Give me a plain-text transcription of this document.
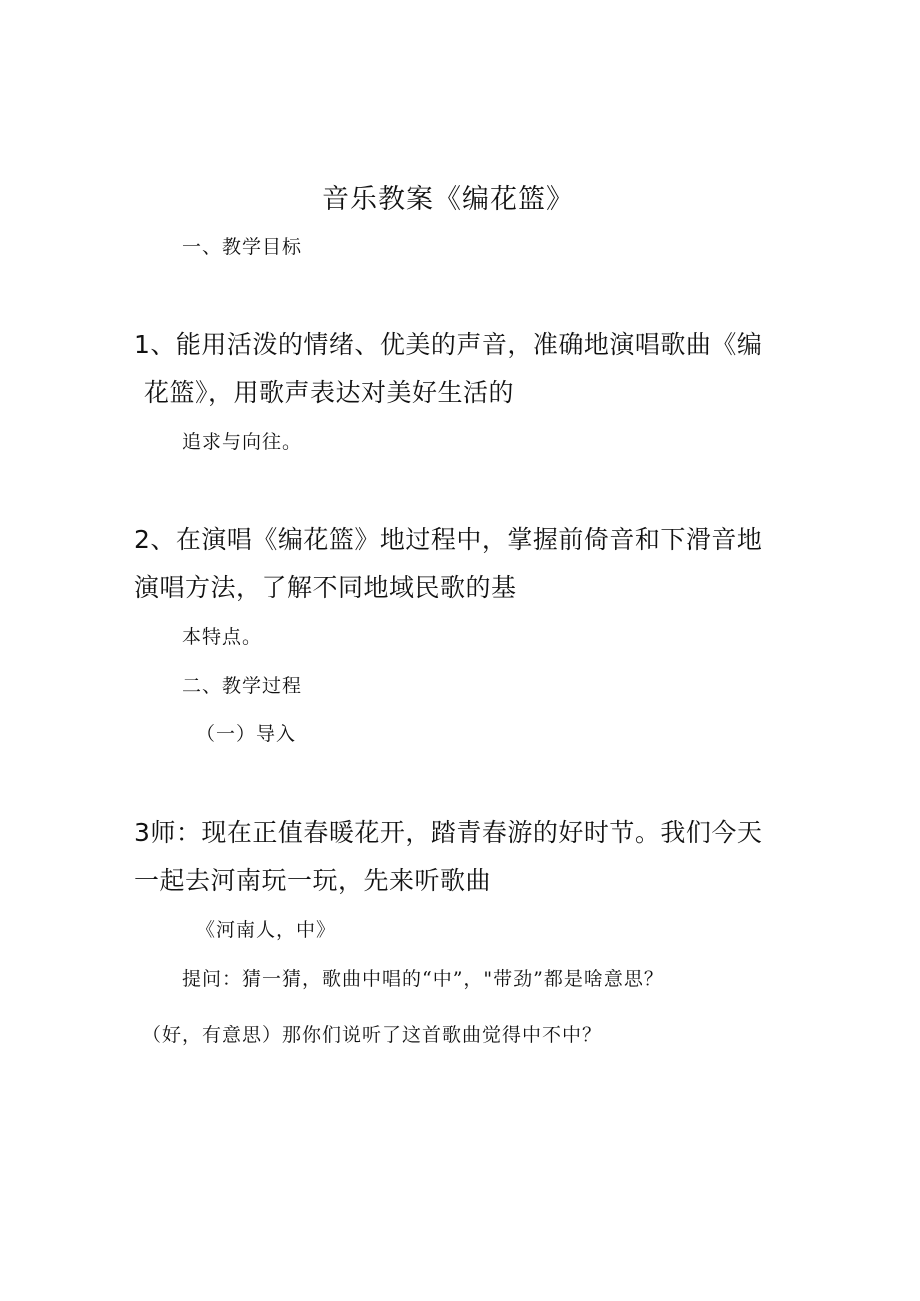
音乐教案《编花篮》
一、教学目标
1、能用活泼的情绪、优美的声音，准确地演唱歌曲《编
花篮》，用歌声表达对美好生活的
追求与向往。
2、在演唱《编花篮》地过程中，掌握前倚音和下滑音地
演唱方法，了解不同地域民歌的基
本特点。
二、教学过程
（一）导入
3师：现在正值春暖花开，踏青春游的好时节。我们今天
一起去河南玩一玩，先来听歌曲
《河南人，中》
提问：猜一猜，歌曲中唱的“中”，"带劲”都是啥意思？
（好，有意思）那你们说听了这首歌曲觉得中不中？
